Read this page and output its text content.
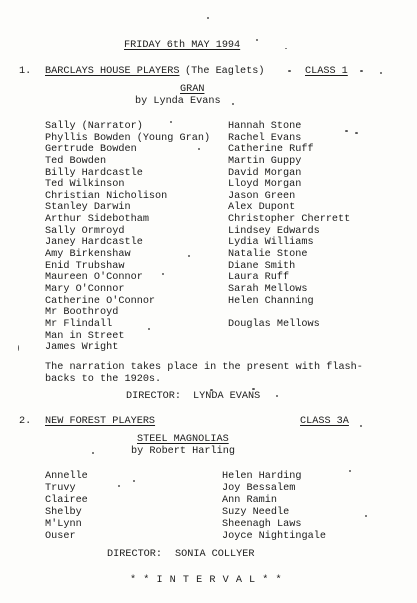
FRIDAY 6th MAY 1994
1. BARCLAYS HOUSE PLAYERS (The Eaglets)	CLASS 1
GRAN
by Lynda Evans
Sally (Narrator)
Phyllis Bowden (Young Gran)
Gertrude Bowden
Ted Bowden
Billy Hardcastle
Ted Wilkinson
Christian Nicholison
Stanley Darwin
Arthur Sidebotham
Sally Ormroyd
Janey Hardcastle
Amy Birkenshaw
Enid Trubshaw
Maureen O'Connor
Mary O'Connor
Catherine O'Connor
Mr Boothroyd
Mr Flindall
Man in Street
James Wright
Hannah Stone
Rachel Evans
Catherine Ruff
Martin Guppy
David Morgan
Lloyd Morgan
Jason Green
Alex Dupont
Christopher Cherrett
Lindsey Edwards
Lydia Williams
Natalie Stone
Diane Smith
Laura Ruff
Sarah Mellows
Helen Channing
Douglas Mellows
The narration takes place in the present with flash-
backs to the 1920s.
DIRECTOR: LYNDA EVANS
2. NEW FOREST PLAYERS	CLASS 3A
STEEL MAGNOLIAS
by Robert Harling
Annelle
Truvy
Clairee
Shelby
M'Lynn
Ouser
Helen Harding
Joy Bessalem
Ann Ramin
Suzy Needle
Sheenagh Laws
Joyce Nightingale
DIRECTOR: SONIA COLLYER
* * I N T E R V A L * *
